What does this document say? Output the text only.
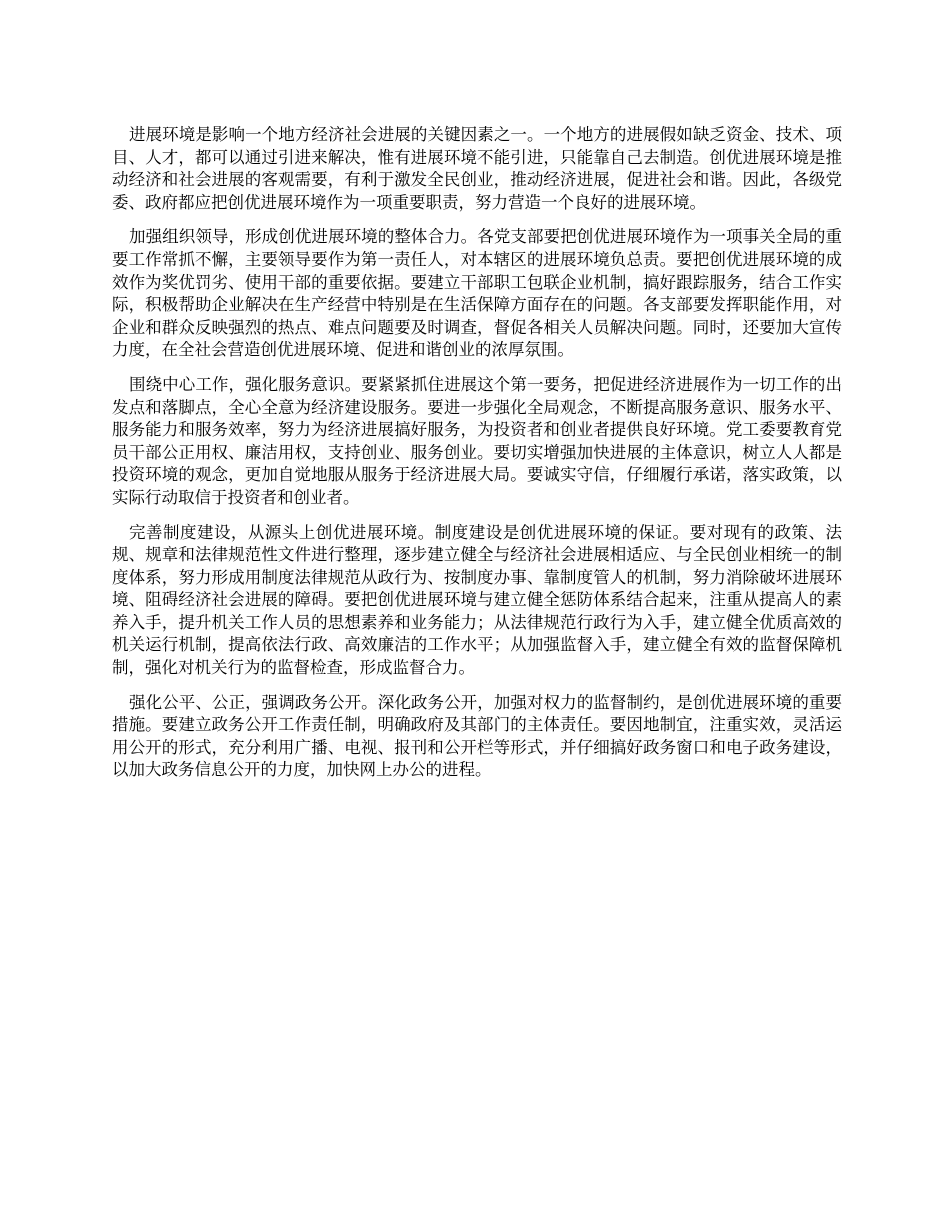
进展环境是影响一个地方经济社会进展的关键因素之一。一个地方的进展假如缺乏资金、技术、项目、人才，都可以通过引进来解决，惟有进展环境不能引进，只能靠自己去制造。创优进展环境是推动经济和社会进展的客观需要，有利于激发全民创业，推动经济进展，促进社会和谐。因此，各级党委、政府都应把创优进展环境作为一项重要职责，努力营造一个良好的进展环境。

加强组织领导，形成创优进展环境的整体合力。各党支部要把创优进展环境作为一项事关全局的重要工作常抓不懈，主要领导要作为第一责任人，对本辖区的进展环境负总责。要把创优进展环境的成效作为奖优罚劣、使用干部的重要依据。要建立干部职工包联企业机制，搞好跟踪服务，结合工作实际，积极帮助企业解决在生产经营中特别是在生活保障方面存在的问题。各支部要发挥职能作用，对企业和群众反映强烈的热点、难点问题要及时调查，督促各相关人员解决问题。同时，还要加大宣传力度，在全社会营造创优进展环境、促进和谐创业的浓厚氛围。

围绕中心工作，强化服务意识。要紧紧抓住进展这个第一要务，把促进经济进展作为一切工作的出发点和落脚点，全心全意为经济建设服务。要进一步强化全局观念，不断提高服务意识、服务水平、服务能力和服务效率，努力为经济进展搞好服务，为投资者和创业者提供良好环境。党工委要教育党员干部公正用权、廉洁用权，支持创业、服务创业。要切实增强加快进展的主体意识，树立人人都是投资环境的观念，更加自觉地服从服务于经济进展大局。要诚实守信，仔细履行承诺，落实政策，以实际行动取信于投资者和创业者。

完善制度建设，从源头上创优进展环境。制度建设是创优进展环境的保证。要对现有的政策、法规、规章和法律规范性文件进行整理，逐步建立健全与经济社会进展相适应、与全民创业相统一的制度体系，努力形成用制度法律规范从政行为、按制度办事、靠制度管人的机制，努力消除破坏进展环境、阻碍经济社会进展的障碍。要把创优进展环境与建立健全惩防体系结合起来，注重从提高人的素养入手，提升机关工作人员的思想素养和业务能力；从法律规范行政行为入手，建立健全优质高效的机关运行机制，提高依法行政、高效廉洁的工作水平；从加强监督入手，建立健全有效的监督保障机制，强化对机关行为的监督检查，形成监督合力。

强化公平、公正，强调政务公开。深化政务公开，加强对权力的监督制约，是创优进展环境的重要措施。要建立政务公开工作责任制，明确政府及其部门的主体责任。要因地制宜，注重实效，灵活运用公开的形式，充分利用广播、电视、报刊和公开栏等形式，并仔细搞好政务窗口和电子政务建设，以加大政务信息公开的力度，加快网上办公的进程。
